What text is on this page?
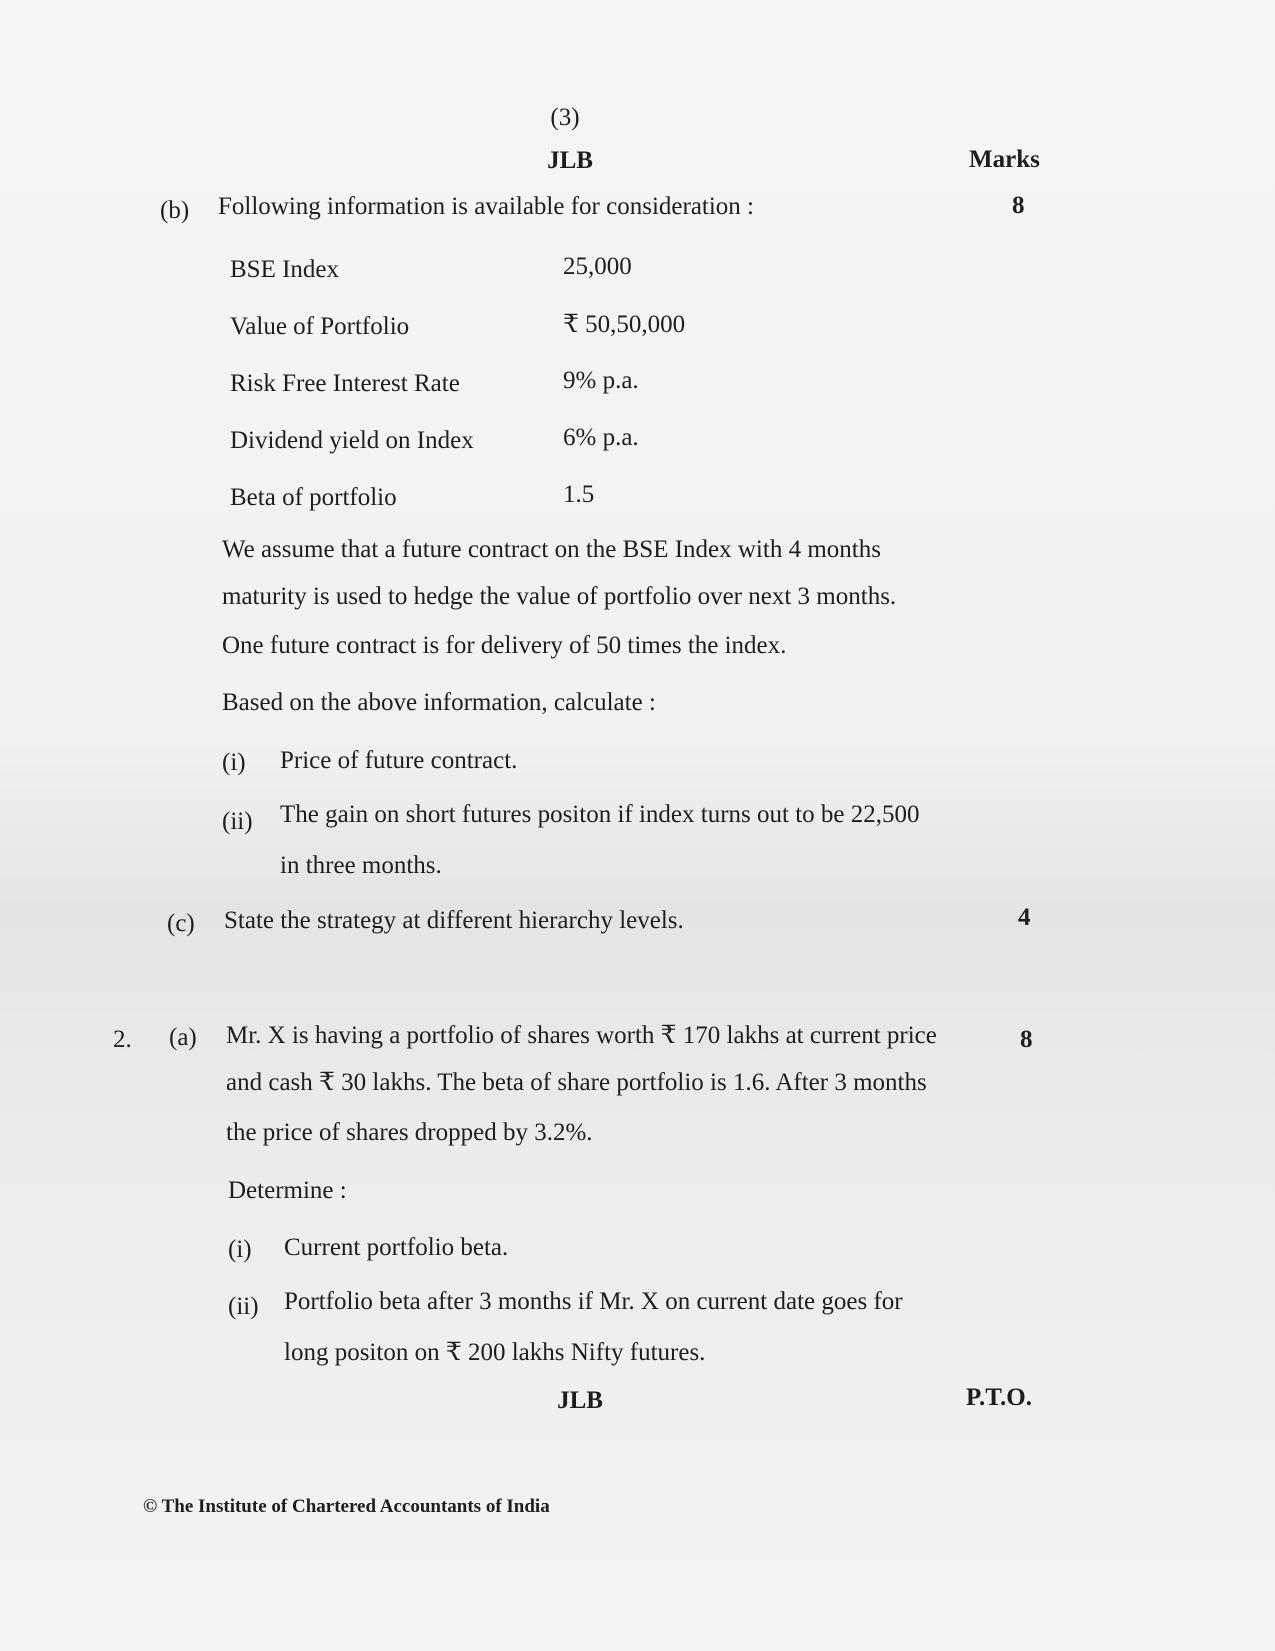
(3)
JLB	Marks
(b) Following information is available for consideration :	8
BSE Index	25,000
Value of Portfolio	₹ 50,50,000
Risk Free Interest Rate	9% p.a.
Dividend yield on Index	6% p.a.
Beta of portfolio	1.5
We assume that a future contract on the BSE Index with 4 months
maturity is used to hedge the value of portfolio over next 3 months.
One future contract is for delivery of 50 times the index.
Based on the above information, calculate :
(i) Price of future contract.
(ii) The gain on short futures positon if index turns out to be 22,500
in three months.
(c) State the strategy at different hierarchy levels.	4
2. (a)	8
Mr. X is having a portfolio of shares worth ₹ 170 lakhs at current price
and cash ₹ 30 lakhs. The beta of share portfolio is 1.6. After 3 months
the price of shares dropped by 3.2%.
Determine :
(i) Current portfolio beta.
(ii) Portfolio beta after 3 months if Mr. X on current date goes for
long positon on ₹ 200 lakhs Nifty futures.
JLB	P.T.O.
© The Institute of Chartered Accountants of India
